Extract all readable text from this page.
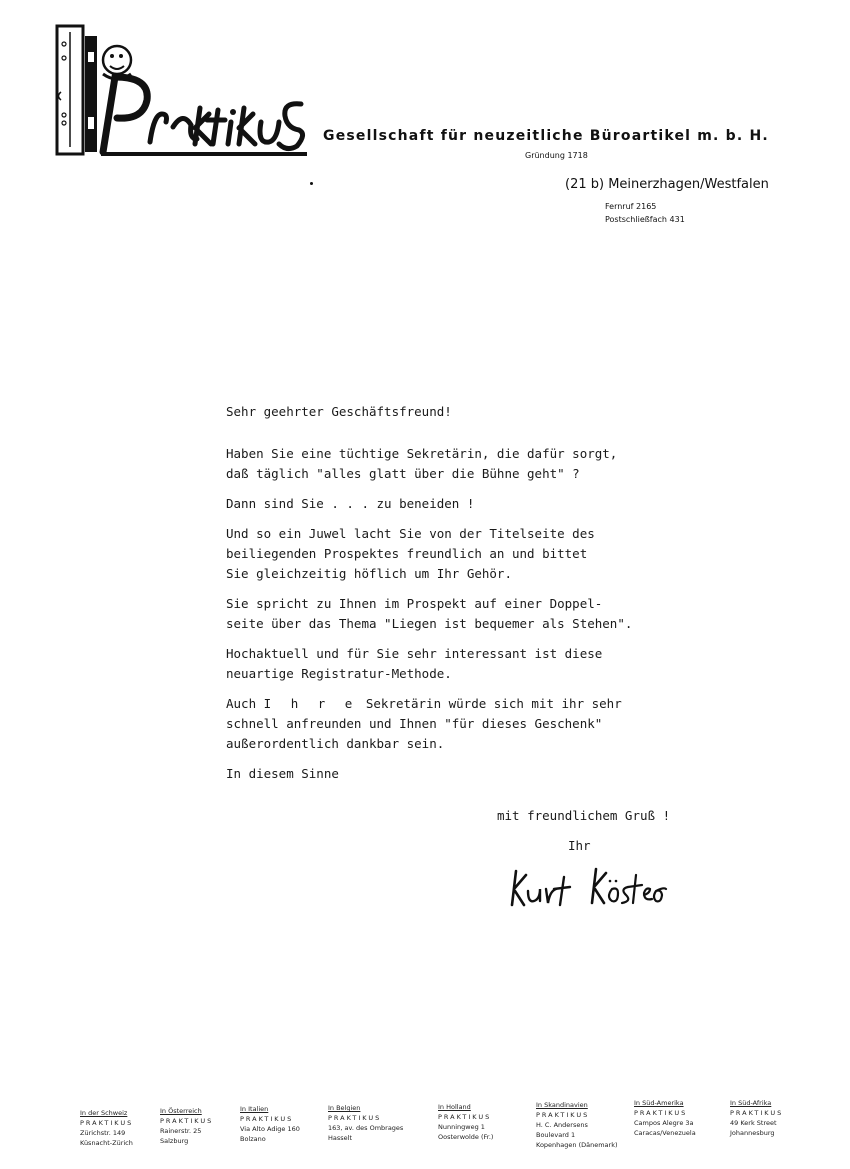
Gesellschaft für neuzeitliche Büroartikel m. b. H.
Gründung 1718
(21 b) Meinerzhagen/Westfalen
Fernruf 2165
Postschließfach 431

Sehr geehrter Geschäftsfreund!

Haben Sie eine tüchtige Sekretärin, die dafür sorgt,

daß täglich "alles glatt über die Bühne geht" ?

Dann sind Sie . . . zu beneiden !

Und so ein Juwel lacht Sie von der Titelseite des

beiliegenden Prospektes freundlich an und bittet

Sie gleichzeitig höflich um Ihr Gehör.

Sie spricht zu Ihnen im Prospekt auf einer Doppel-

seite über das Thema "Liegen ist bequemer als Stehen".

Hochaktuell und für Sie sehr interessant ist diese

neuartige Registratur-Methode.

Auch I h r e Sekretärin würde sich mit ihr sehr

schnell anfreunden und Ihnen "für dieses Geschenk"

außerordentlich dankbar sein.

In diesem Sinne

mit freundlichem Gruß !
Ihr
In der Schweiz
PRAKTIKUS
Zürichstr. 149
Küsnacht-Zürich
In Österreich
PRAKTIKUS
Rainerstr. 25
Salzburg
In Italien
PRAKTIKUS
Via Alto Adige 160
Bolzano
In Belgien
PRAKTIKUS
163, av. des Ombrages
Hasselt
In Holland
PRAKTIKUS
Nunningweg 1
Oosterwolde (Fr.)
In Skandinavien
PRAKTIKUS
H. C. Andersens
Boulevard 1
Kopenhagen (Dänemark)
In Süd-Amerika
PRAKTIKUS
Campos Alegre 3a
Caracas/Venezuela
In Süd-Afrika
PRAKTIKUS
49 Kerk Street
Johannesburg
